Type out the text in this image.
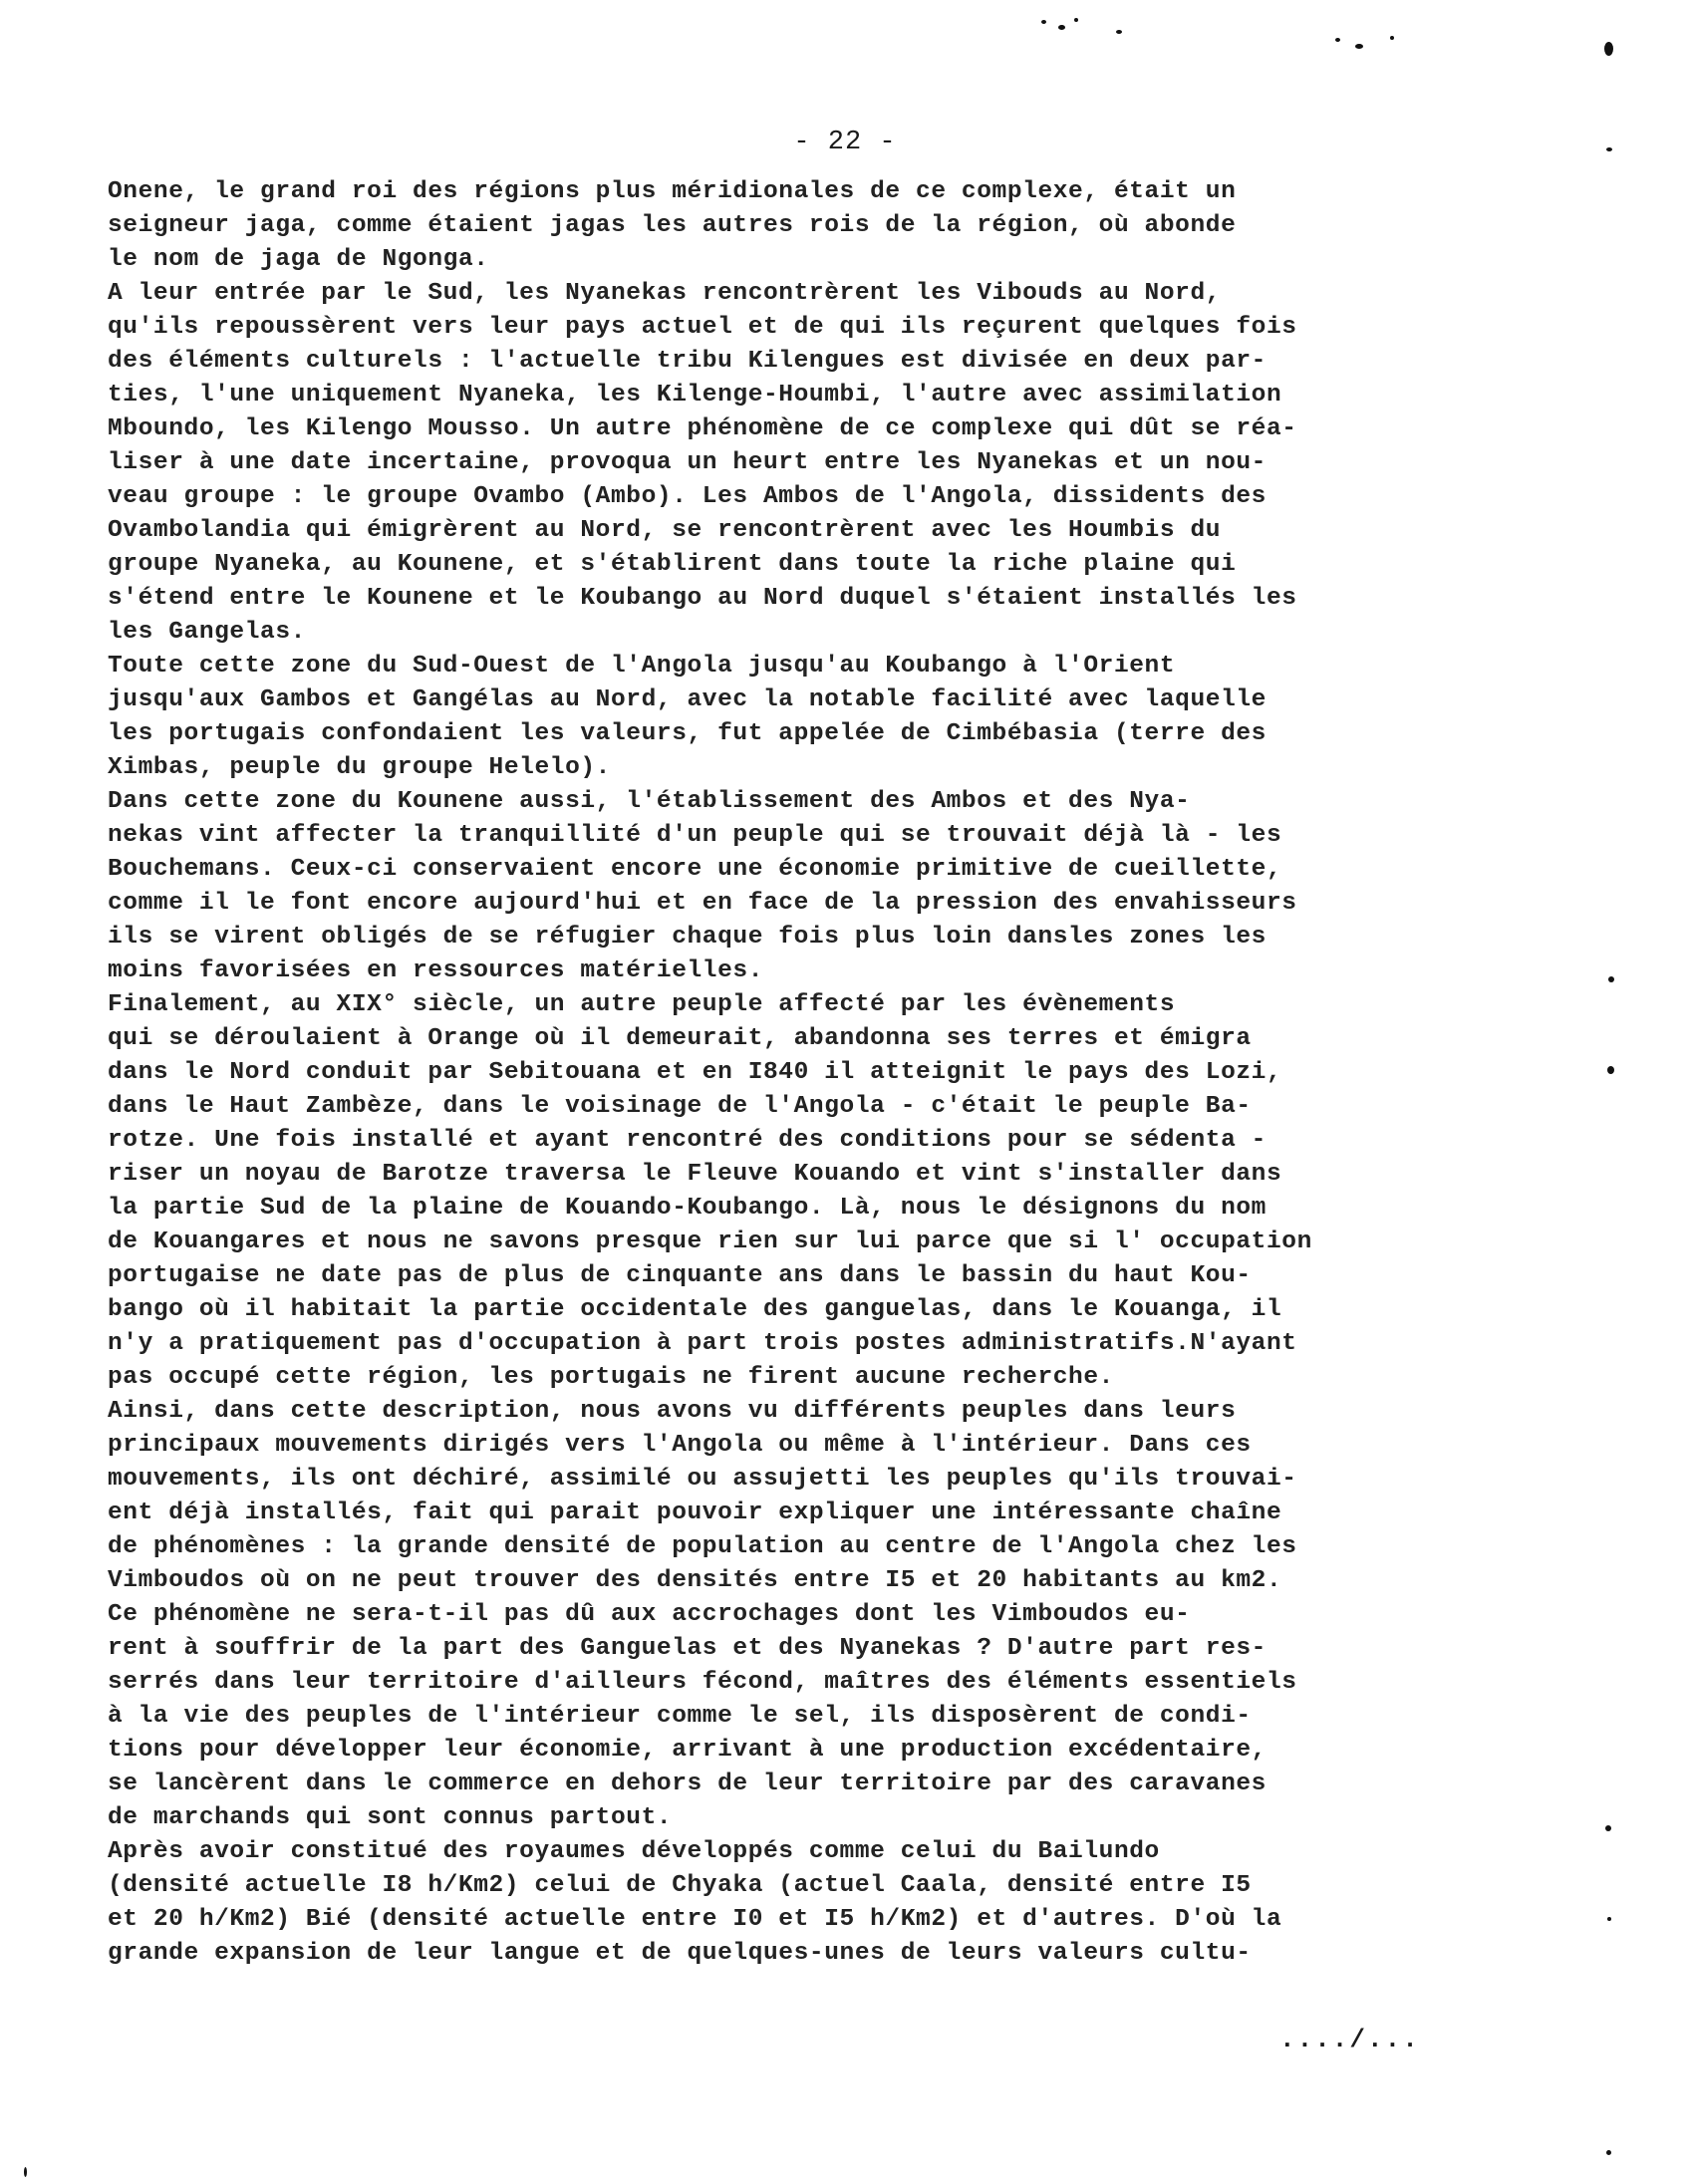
- 22 -
Onene, le grand roi des régions plus méridionales de ce complexe, était un
seigneur jaga, comme étaient jagas les autres rois de la région, où abonde
le nom de jaga de Ngonga.
A leur entrée par le Sud, les Nyanekas rencontrèrent les Vibouds au Nord,
qu'ils repoussèrent vers leur pays actuel et de qui ils reçurent quelques fois
des éléments culturels : l'actuelle tribu Kilengues est divisée en deux par-
ties, l'une uniquement Nyaneka, les Kilenge-Houmbi, l'autre avec assimilation
Mboundo, les Kilengo Mousso. Un autre phénomène de ce complexe qui dût se réa-
liser à une date incertaine, provoqua un heurt entre les Nyanekas et un nou-
veau groupe : le groupe Ovambo (Ambo). Les Ambos de l'Angola, dissidents des
Ovambolandia qui émigrèrent au Nord, se rencontrèrent avec les Houmbis du
groupe Nyaneka, au Kounene, et s'établirent dans toute la riche plaine qui
s'étend entre le Kounene et le Koubango au Nord duquel s'étaient installés les
les Gangelas.
Toute cette zone du Sud-Ouest de l'Angola jusqu'au Koubango à l'Orient
jusqu'aux Gambos et Gangélas au Nord, avec la notable facilité avec laquelle
les portugais confondaient les valeurs, fut appelée de Cimbébasia (terre des
Ximbas, peuple du groupe Helelo).
Dans cette zone du Kounene aussi, l'établissement des Ambos et des Nya-
nekas vint affecter la tranquillité d'un peuple qui se trouvait déjà là - les
Bouchemans. Ceux-ci conservaient encore une économie primitive de cueillette,
comme il le font encore aujourd'hui et en face de la pression des envahisseurs
ils se virent obligés de se réfugier chaque fois plus loin dansles zones les
moins favorisées en ressources matérielles.
Finalement, au XIX° siècle, un autre peuple affecté par les évènements
qui se déroulaient à Orange où il demeurait, abandonna ses terres et émigra
dans le Nord conduit par Sebitouana et en I840 il atteignit le pays des Lozi,
dans le Haut Zambèze, dans le voisinage de l'Angola - c'était le peuple Ba-
rotze. Une fois installé et ayant rencontré des conditions pour se sédenta -
riser un noyau de Barotze traversa le Fleuve Kouando et vint s'installer dans
la partie Sud de la plaine de Kouando-Koubango. Là, nous le désignons du nom
de Kouangares et nous ne savons presque rien sur lui parce que si l' occupation
portugaise ne date pas de plus de cinquante ans dans le bassin du haut Kou-
bango où il habitait la partie occidentale des ganguelas, dans le Kouanga, il
n'y a pratiquement pas d'occupation à part trois postes administratifs.N'ayant
pas occupé cette région, les portugais ne firent aucune recherche.
Ainsi, dans cette description, nous avons vu différents peuples dans leurs
principaux mouvements dirigés vers l'Angola ou même à l'intérieur. Dans ces
mouvements, ils ont déchiré, assimilé ou assujetti les peuples qu'ils trouvai-
ent déjà installés, fait qui parait pouvoir expliquer une intéressante chaîne
de phénomènes : la grande densité de population au centre de l'Angola chez les
Vimboudos où on ne peut trouver des densités entre I5 et 20 habitants au km2.
Ce phénomène ne sera-t-il pas dû aux accrochages dont les Vimboudos eu-
rent à souffrir de la part des Ganguelas et des Nyanekas ? D'autre part res-
serrés dans leur territoire d'ailleurs fécond, maîtres des éléments essentiels
à la vie des peuples de l'intérieur comme le sel, ils disposèrent de condi-
tions pour développer leur économie, arrivant à une production excédentaire,
se lancèrent dans le commerce en dehors de leur territoire par des caravanes
de marchands qui sont connus partout.
Après avoir constitué des royaumes développés comme celui du Bailundo
(densité actuelle I8 h/Km2) celui de Chyaka (actuel Caala, densité entre I5
et 20 h/Km2) Bié (densité actuelle entre I0 et I5 h/Km2) et d'autres. D'où la
grande expansion de leur langue et de quelques-unes de leurs valeurs cultu-
..../...
